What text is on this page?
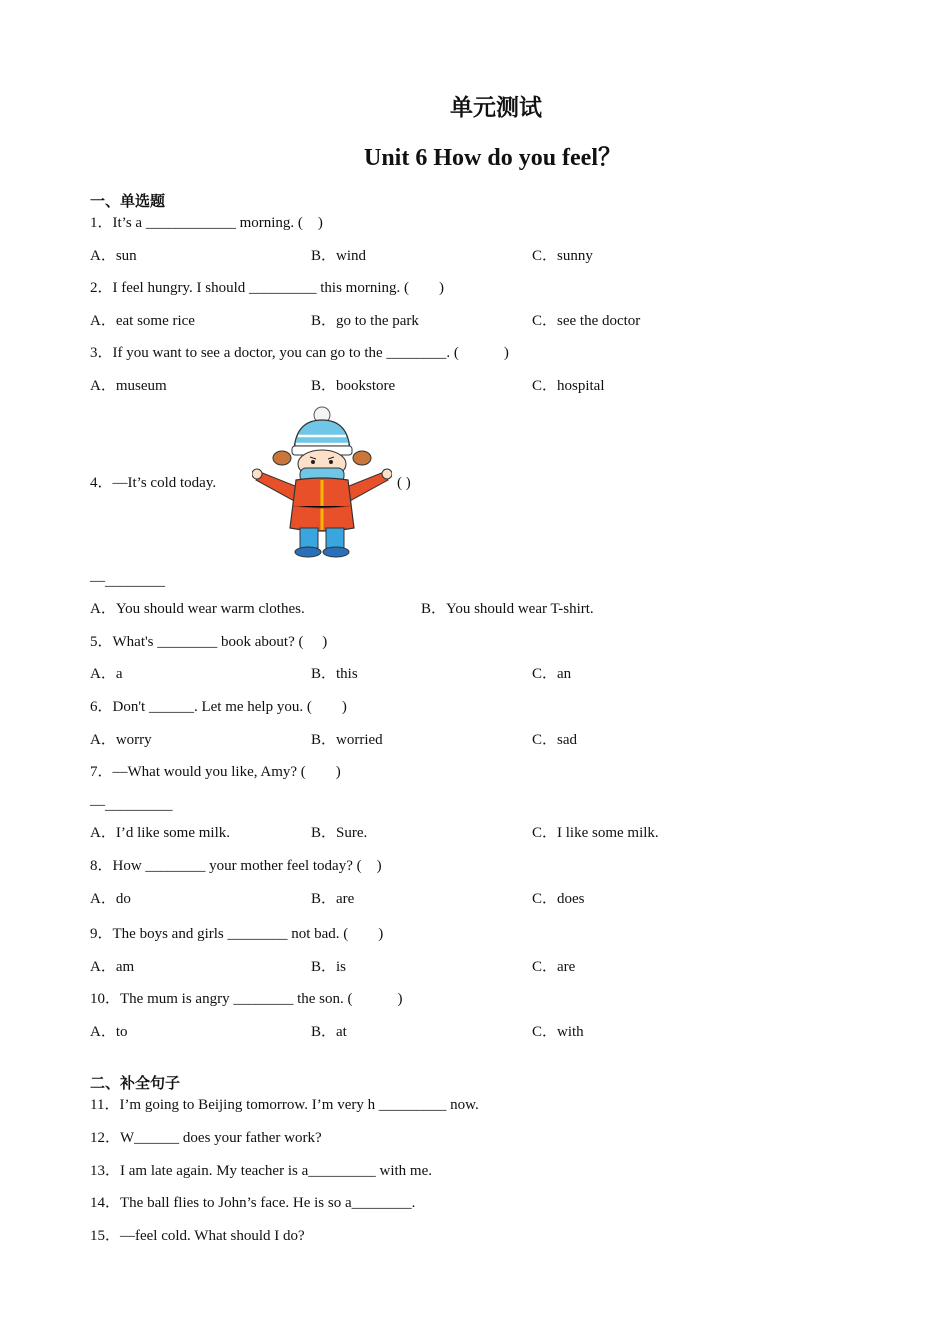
单元测试
Unit 6 How do you feel？
一、单选题
1．It’s a ____________ morning. (　)
A．sun	B．wind	C．sunny
2．I feel hungry. I should _________ this morning. (　　)
A．eat some rice	B．go to the park	C．see the doctor
3．If you want to see a doctor, you can go to the ________. (　　　)
A．museum	B．bookstore	C．hospital
4．—It’s cold today.	( )
—________
A．You should wear warm clothes.	B．You should wear T-shirt.
5．What's ________ book about? (　 )
A．a	B．this	C．an
6．Don't ______. Let me help you. (　　)
A．worry	B．worried	C．sad
7．—What would you like, Amy? (　　)
—_________
A．I’d like some milk.	B．Sure.	C．I like some milk.
8．How ________ your mother feel today? (　)
A．do	B．are	C．does
9．The boys and girls ________ not bad. (　　)
A．am	B．is	C．are
10．The mum is angry ________ the son. (　　　)
A．to	B．at	C．with
二、补全句子
11．I’m going to Beijing tomorrow. I’m very h _________ now.
12．W______ does your father work?
13．I am late again. My teacher is a_________ with me.
14．The ball flies to John’s face. He is so a________.
15．—feel cold. What should I do?
